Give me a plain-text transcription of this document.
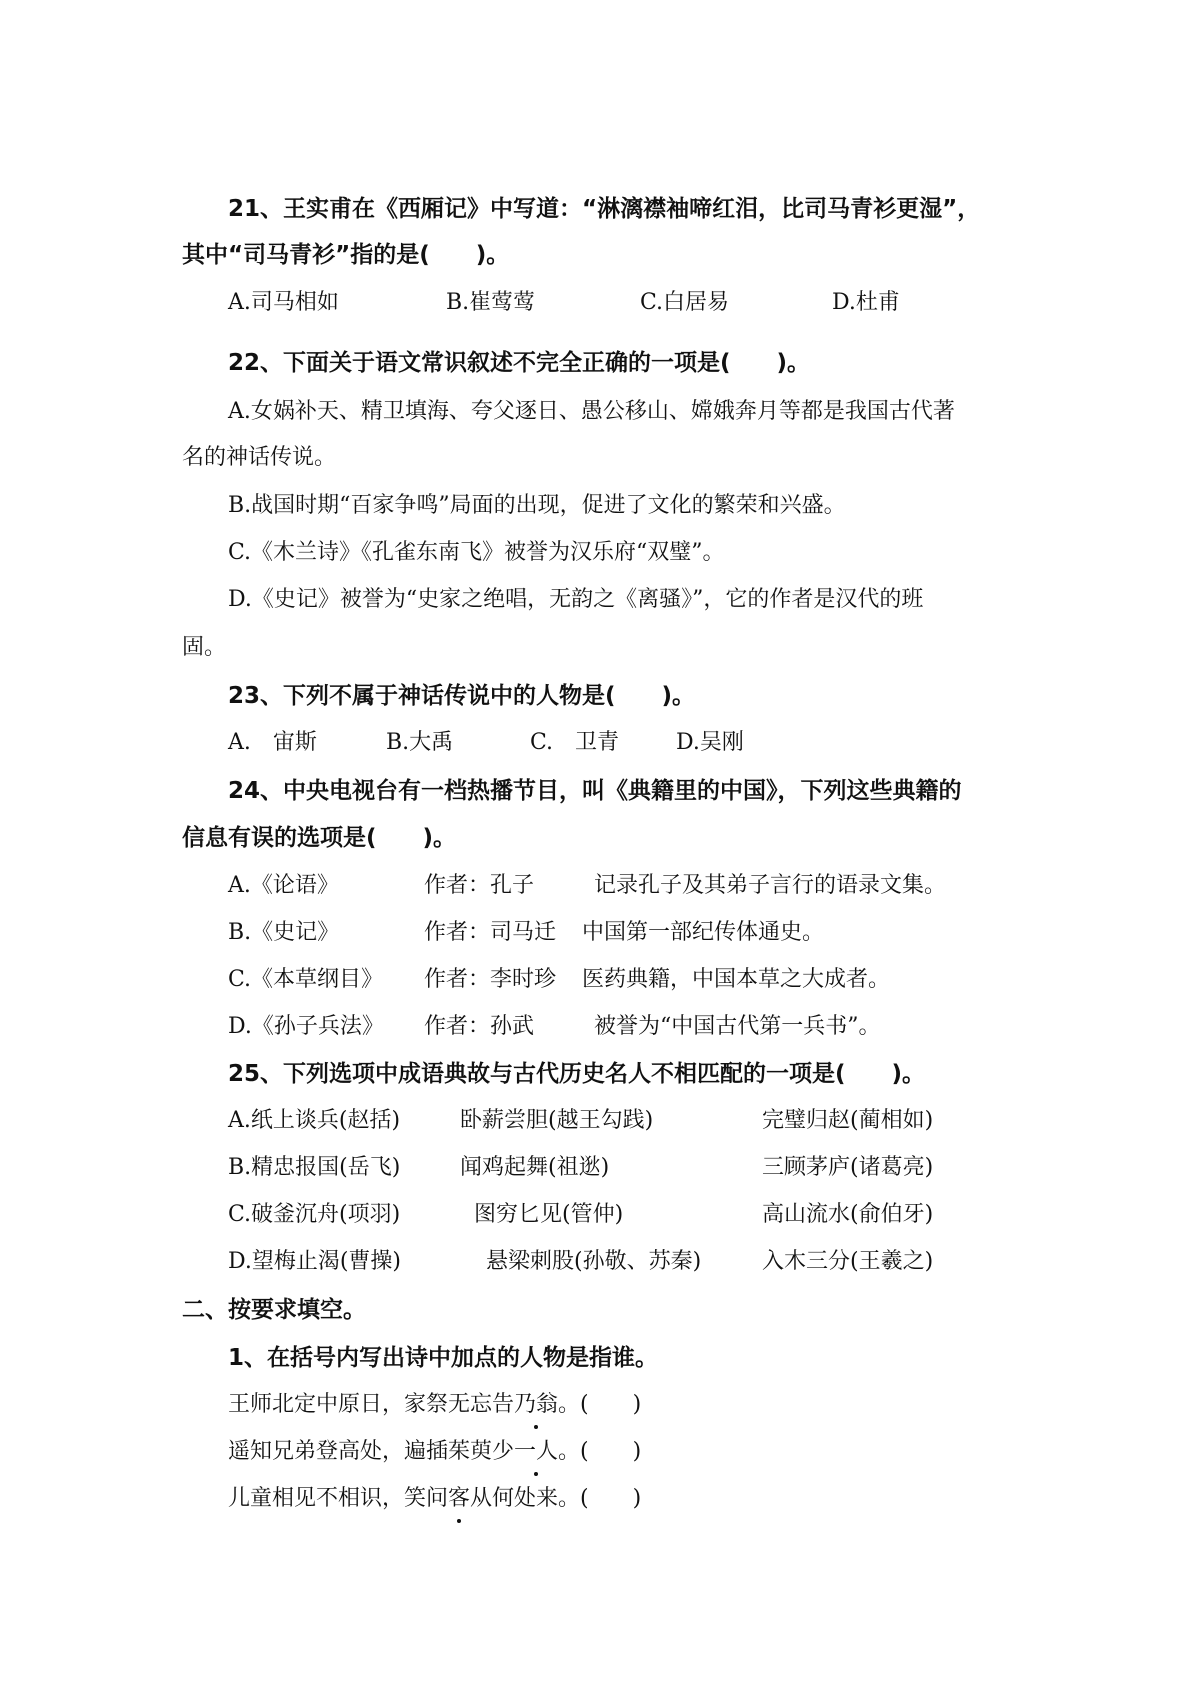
21、王实甫在《西厢记》中写道：“淋漓襟袖啼红泪，比司马青衫更湿”，
其中“司马青衫”指的是(　　)。
A.司马相如	B.崔莺莺	C.白居易	D.杜甫
22、下面关于语文常识叙述不完全正确的一项是(　　)。
A.女娲补天、精卫填海、夸父逐日、愚公移山、嫦娥奔月等都是我国古代著
名的神话传说。
B.战国时期“百家争鸣”局面的出现，促进了文化的繁荣和兴盛。
C.《木兰诗》《孔雀东南飞》被誉为汉乐府“双璧”。
D.《史记》被誉为“史家之绝唱，无韵之《离骚》”，它的作者是汉代的班
固。
23、下列不属于神话传说中的人物是(　　)。
A.　宙斯	B.大禹	C.　卫青	D.吴刚
24、中央电视台有一档热播节目，叫《典籍里的中国》，下列这些典籍的
信息有误的选项是(　　)。
A.《论语》	作者：孔子	记录孔子及其弟子言行的语录文集。
B.《史记》	作者：司马迁 中国第一部纪传体通史。
C.《本草纲目》 作者：李时珍 医药典籍，中国本草之大成者。
D.《孙子兵法》 作者：孙武	被誉为“中国古代第一兵书”。
25、下列选项中成语典故与古代历史名人不相匹配的一项是(　　)。
A.纸上谈兵(赵括)	卧薪尝胆(越王勾践)	完璧归赵(蔺相如)
B.精忠报国(岳飞)	闻鸡起舞(祖逖)	三顾茅庐(诸葛亮)
C.破釜沉舟(项羽)	图穷匕见(管仲)	高山流水(俞伯牙)
D.望梅止渴(曹操)	悬梁刺股(孙敬、苏秦)	入木三分(王羲之)
二、按要求填空。
1、在括号内写出诗中加点的人物是指谁。
王师北定中原日，家祭无忘告乃翁。(　　)
遥知兄弟登高处，遍插茱萸少一人。(　　)
儿童相见不相识，笑问客从何处来。(　　)
